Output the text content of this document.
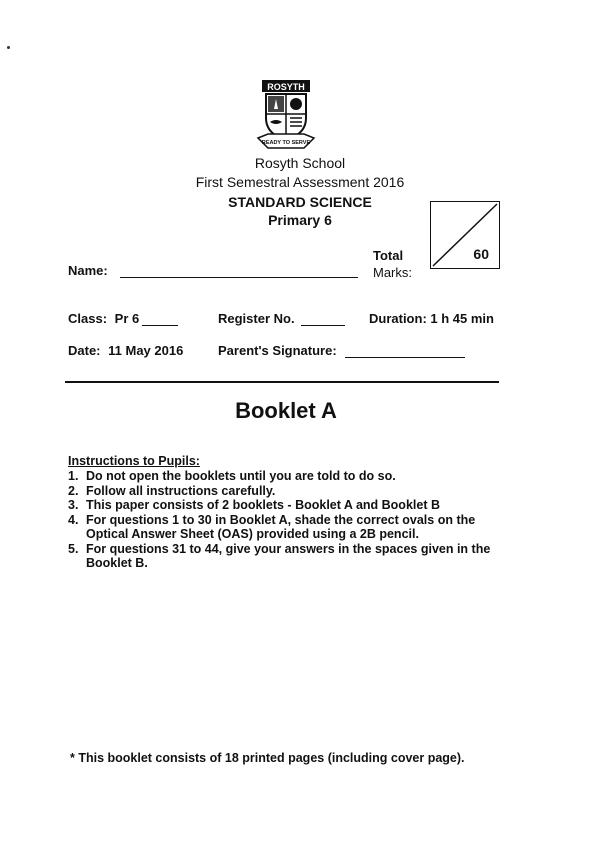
ROSYTH
READY TO SERVE
Rosyth School
First Semestral Assessment 2016
STANDARD SCIENCE
Primary 6
60
Total
Marks:
Name:
Class: Pr 6	Register No.	Duration: 1 h 45 min
Date: 11 May 2016	Parent's Signature:
Booklet A
Instructions to Pupils:
1. Do not open the booklets until you are told to do so.
2. Follow all instructions carefully.
3. This paper consists of 2 booklets - Booklet A and Booklet B
4. For questions 1 to 30 in Booklet A, shade the correct ovals on the Optical Answer Sheet (OAS) provided using a 2B pencil.
5. For questions 31 to 44, give your answers in the spaces given in the Booklet B.
* This booklet consists of 18 printed pages (including cover page).
